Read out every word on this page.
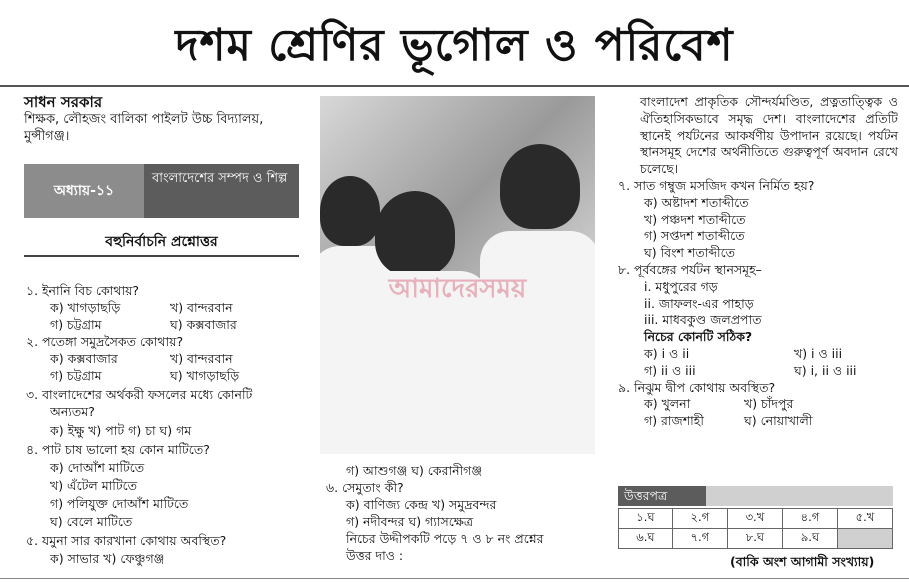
দশম শ্রেণির ভূগোল ও পরিবেশ
সাধন সরকার
শিক্ষক, লৌহজং বালিকা পাইলট উচ্চ বিদ্যালয়, মুন্সীগঞ্জ।
অধ্যায়-১১
বাংলাদেশের সম্পদ ও শিল্প
বহুনির্বাচনি প্রশ্নোত্তর
১. ইনানি বিচ কোথায়?
ক) খাগড়াছড়ি	খ) বান্দরবান
গ) চট্টগ্রাম	ঘ) কক্সবাজার
২. পতেঙ্গা সমুদ্রসৈকত কোথায়?
ক) কক্সবাজার	খ) বান্দরবান
গ) চট্টগ্রাম	ঘ) খাগড়াছড়ি
৩. বাংলাদেশের অর্থকরী ফসলের মধ্যে কোনটি
অন্যতম?
ক) ইক্ষু খ) পাট গ) চা ঘ) গম
৪. পাট চাষ ভালো হয় কোন মাটিতে?
ক) দোআঁশ মাটিতে
খ) এঁটেল মাটিতে
গ) পলিযুক্ত দোআঁশ মাটিতে
ঘ) বেলে মাটিতে
৫. যমুনা সার কারখানা কোথায় অবস্থিত?
ক) সাভার খ) ফেঞ্চুগঞ্জ
আমাদেরসময়
গ) আশুগঞ্জ ঘ) কেরানীগঞ্জ
৬. সেমুতাং কী?
ক) বাণিজ্য কেন্দ্র খ) সমুদ্রবন্দর
গ) নদীবন্দর ঘ) গ্যাসক্ষেত্র
নিচের উদ্দীপকটি পড়ে ৭ ও ৮ নং প্রশ্নের
উত্তর দাও :
বাংলাদেশ প্রাকৃতিক সৌন্দর্যমণ্ডিত, প্রত্নতাত্ত্বিক ও ঐতিহাসিকভাবে সমৃদ্ধ দেশ। বাংলাদেশের প্রতিটি স্থানেই পর্যটনের আকর্ষণীয় উপাদান রয়েছে। পর্যটন স্থানসমূহ দেশের অর্থনীতিতে গুরুত্বপূর্ণ অবদান রেখে চলেছে।
৭. সাত গম্বুজ মসজিদ কখন নির্মিত হয়?
ক) অষ্টাদশ শতাব্দীতে
খ) পঞ্চদশ শতাব্দীতে
গ) সপ্তদশ শতাব্দীতে
ঘ) বিংশ শতাব্দীতে
৮. পূর্ববঙ্গের পর্যটন স্থানসমূহ–
i. মধুপুরের গড়
ii. জাফলং-এর পাহাড়
iii. মাধবকুণ্ড জলপ্রপাত
নিচের কোনটি সঠিক?
ক) i ও ii	খ) i ও iii
গ) ii ও iii	ঘ) i, ii ও iii
৯. নিঝুম দ্বীপ কোথায় অবস্থিত?
ক) খুলনা	খ) চাঁদপুর
গ) রাজশাহী	ঘ) নোয়াখালী
উত্তরপত্র
১.ঘ	২.গ	৩.খ	৪.গ	৫.খ
৬.ঘ	৭.গ	৮.ঘ	৯.ঘ	
(বাকি অংশ আগামী সংখ্যায়)
